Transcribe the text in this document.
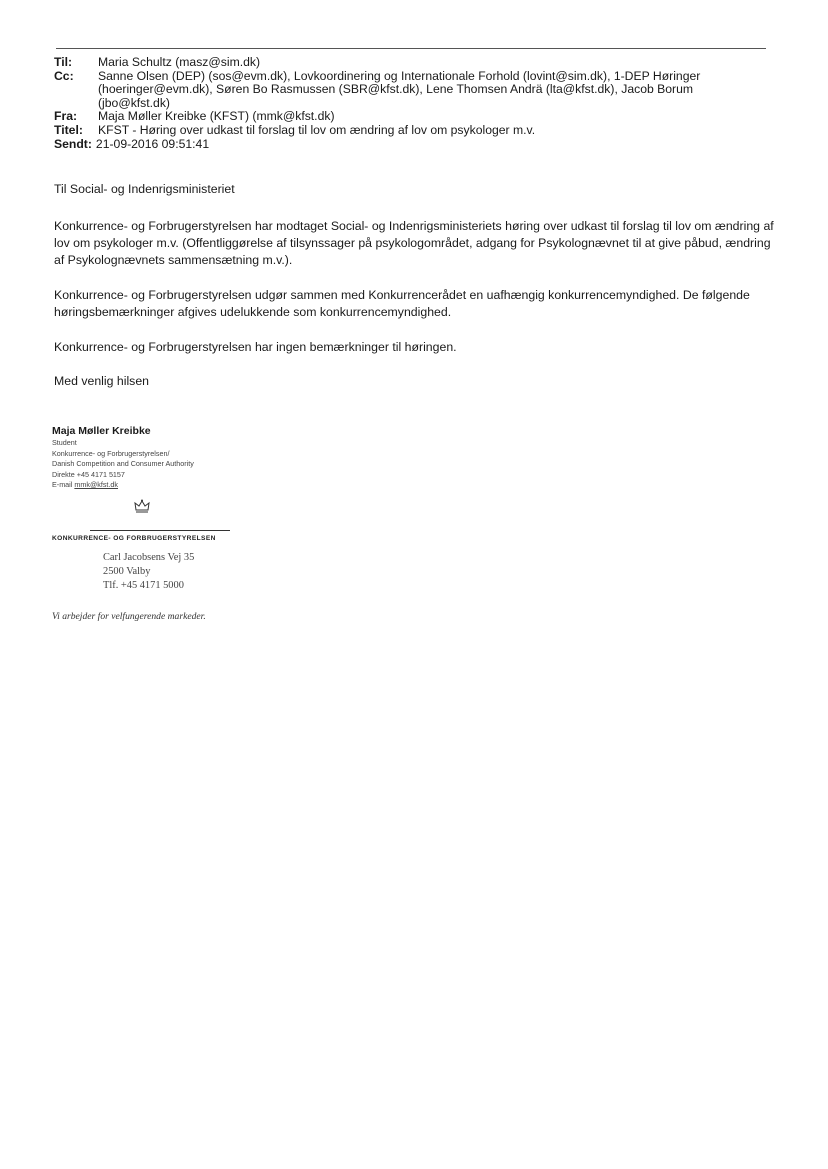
Til:	Maria Schultz (masz@sim.dk)
Cc:	Sanne Olsen (DEP) (sos@evm.dk), Lovkoordinering og Internationale Forhold (lovint@sim.dk), 1-DEP Høringer (hoeringer@evm.dk), Søren Bo Rasmussen (SBR@kfst.dk), Lene Thomsen Andrä (lta@kfst.dk), Jacob Borum (jbo@kfst.dk)
Fra:	Maja Møller Kreibke (KFST) (mmk@kfst.dk)
Titel:	KFST - Høring over udkast til forslag til lov om ændring af lov om psykologer m.v.
Sendt: 21-09-2016 09:51:41

Til Social- og Indenrigsministeriet

Konkurrence- og Forbrugerstyrelsen har modtaget Social- og Indenrigsministeriets høring over udkast til forslag til lov om ændring af lov om psykologer m.v. (Offentliggørelse af tilsynssager på psykologområdet, adgang for Psykolognævnet til at give påbud, ændring af Psykolognævnets sammensætning m.v.).

Konkurrence- og Forbrugerstyrelsen udgør sammen med Konkurrencerådet en uafhængig konkurrencemyndighed. De følgende høringsbemærkninger afgives udelukkende som konkurrencemyndighed.

Konkurrence- og Forbrugerstyrelsen har ingen bemærkninger til høringen.

Med venlig hilsen

Maja Møller Kreibke
Student
Konkurrence- og Forbrugerstyrelsen/
Danish Competition and Consumer Authority
Direkte +45 4171 5157
E-mail mmk@kfst.dk
KONKURRENCE- OG FORBRUGERSTYRELSEN
Carl Jacobsens Vej 35
2500 Valby
Tlf. +45 4171 5000
Vi arbejder for velfungerende markeder.
